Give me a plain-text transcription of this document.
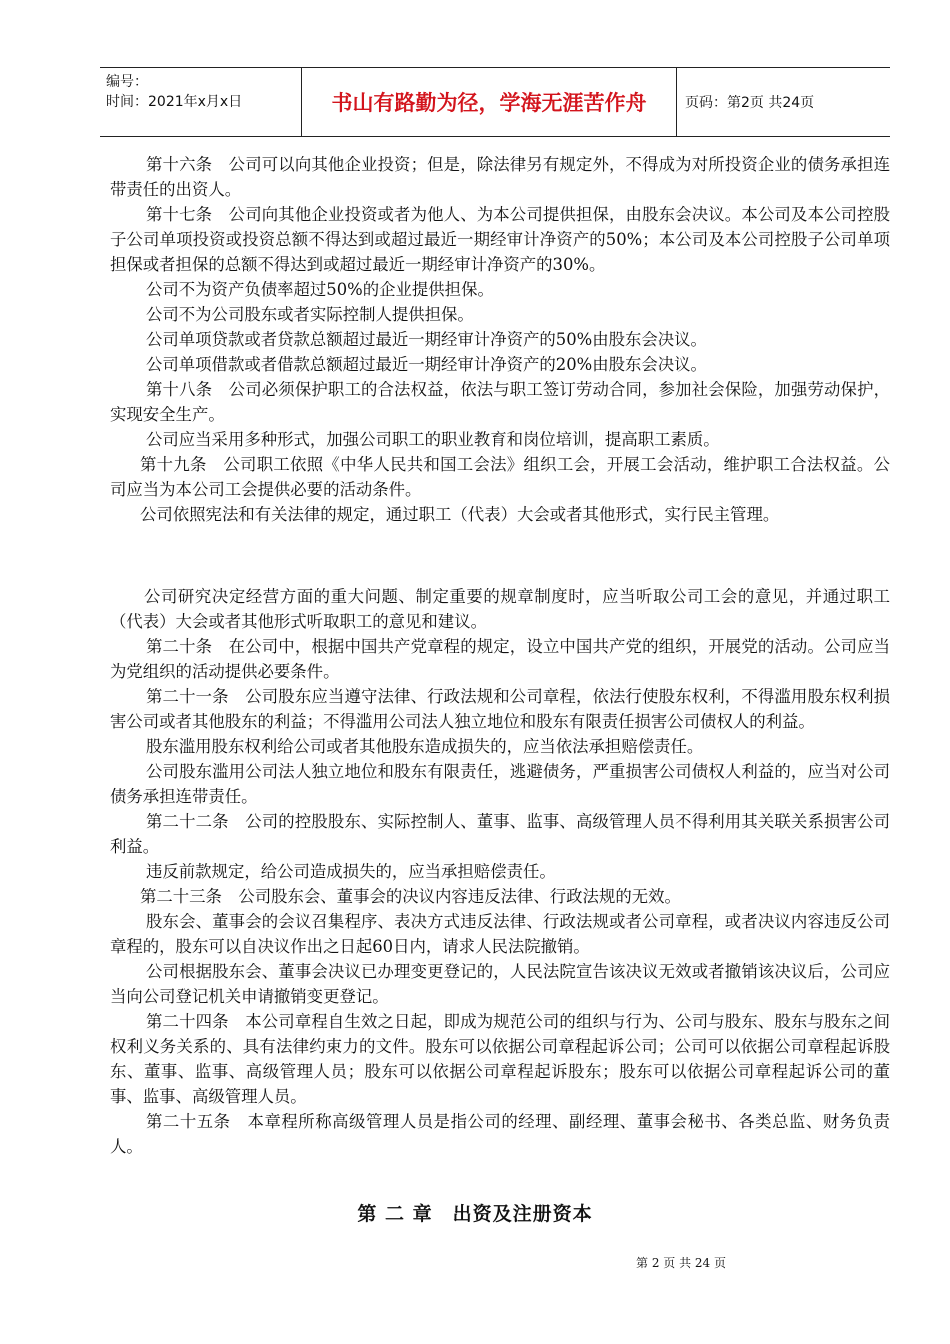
编号：
时间：2021年x月x日	书山有路勤为径，学海无涯苦作舟	页码：第2页 共24页

第十六条　公司可以向其他企业投资；但是，除法律另有规定外，不得成为对所投资企业的债务承担连带责任的出资人。

第十七条　公司向其他企业投资或者为他人、为本公司提供担保，由股东会决议。本公司及本公司控股子公司单项投资或投资总额不得达到或超过最近一期经审计净资产的50%；本公司及本公司控股子公司单项担保或者担保的总额不得达到或超过最近一期经审计净资产的30%。

公司不为资产负债率超过50%的企业提供担保。

公司不为公司股东或者实际控制人提供担保。

公司单项贷款或者贷款总额超过最近一期经审计净资产的50%由股东会决议。

公司单项借款或者借款总额超过最近一期经审计净资产的20%由股东会决议。

第十八条　公司必须保护职工的合法权益，依法与职工签订劳动合同，参加社会保险，加强劳动保护，实现安全生产。

公司应当采用多种形式，加强公司职工的职业教育和岗位培训，提高职工素质。

第十九条　公司职工依照《中华人民共和国工会法》组织工会，开展工会活动，维护职工合法权益。公司应当为本公司工会提供必要的活动条件。

公司依照宪法和有关法律的规定，通过职工（代表）大会或者其他形式，实行民主管理。

公司研究决定经营方面的重大问题、制定重要的规章制度时，应当听取公司工会的意见，并通过职工（代表）大会或者其他形式听取职工的意见和建议。

第二十条　在公司中，根据中国共产党章程的规定，设立中国共产党的组织，开展党的活动。公司应当为党组织的活动提供必要条件。

第二十一条　公司股东应当遵守法律、行政法规和公司章程，依法行使股东权利，不得滥用股东权利损害公司或者其他股东的利益；不得滥用公司法人独立地位和股东有限责任损害公司债权人的利益。

股东滥用股东权利给公司或者其他股东造成损失的，应当依法承担赔偿责任。

公司股东滥用公司法人独立地位和股东有限责任，逃避债务，严重损害公司债权人利益的，应当对公司债务承担连带责任。

第二十二条　公司的控股股东、实际控制人、董事、监事、高级管理人员不得利用其关联关系损害公司利益。

违反前款规定，给公司造成损失的，应当承担赔偿责任。

第二十三条　公司股东会、董事会的决议内容违反法律、行政法规的无效。

股东会、董事会的会议召集程序、表决方式违反法律、行政法规或者公司章程，或者决议内容违反公司章程的，股东可以自决议作出之日起60日内，请求人民法院撤销。

公司根据股东会、董事会决议已办理变更登记的，人民法院宣告该决议无效或者撤销该决议后，公司应当向公司登记机关申请撤销变更登记。

第二十四条　本公司章程自生效之日起，即成为规范公司的组织与行为、公司与股东、股东与股东之间权利义务关系的、具有法律约束力的文件。股东可以依据公司章程起诉公司；公司可以依据公司章程起诉股东、董事、监事、高级管理人员；股东可以依据公司章程起诉股东；股东可以依据公司章程起诉公司的董事、监事、高级管理人员。

第二十五条　本章程所称高级管理人员是指公司的经理、副经理、董事会秘书、各类总监、财务负责人。

第 二 章　出资及注册资本
第 2 页 共 24 页
